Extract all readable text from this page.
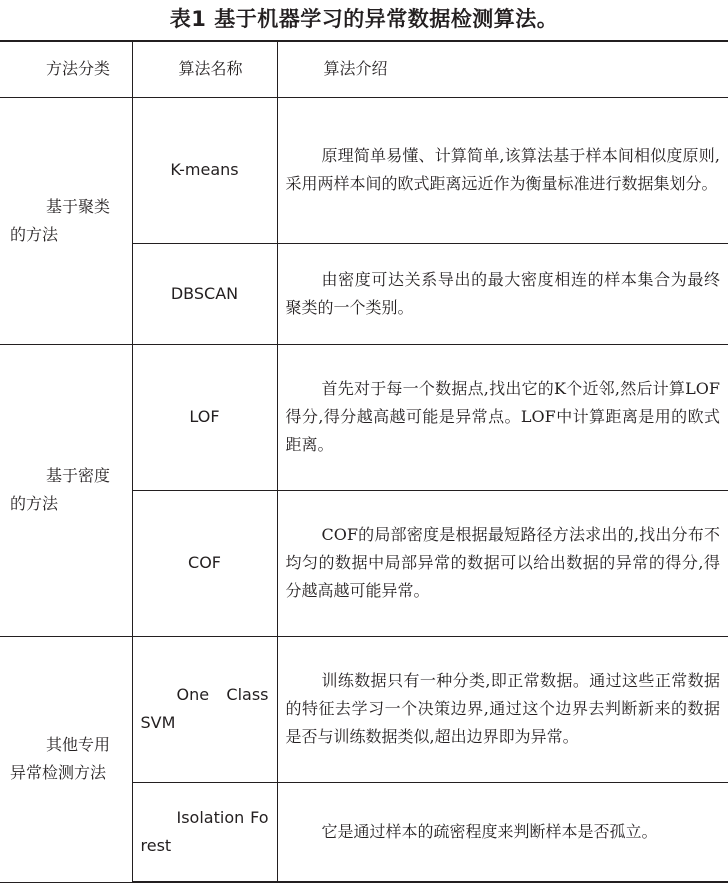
表1 基于机器学习的异常数据检测算法。
方法分类	算法名称	算法介绍

基于聚类的方法	K-means	原理简单易懂、计算简单,该算法基于样本间相似度原则,采用两样本间的欧式距离远近作为衡量标准进行数据集划分。
	DBSCAN	由密度可达关系导出的最大密度相连的样本集合为最终聚类的一个类别。

基于密度的方法	LOF	首先对于每一个数据点,找出它的K个近邻,然后计算LOF得分,得分越高越可能是异常点。LOF中计算距离是用的欧式距离。
	COF	COF的局部密度是根据最短路径方法求出的,找出分布不均匀的数据中局部异常的数据可以给出数据的异常的得分,得分越高越可能异常。

其他专用异常检测方法	One Class SVM	训练数据只有一种分类,即正常数据。通过这些正常数据的特征去学习一个决策边界,通过这个边界去判断新来的数据是否与训练数据类似,超出边界即为异常。
	Isolation Forest	它是通过样本的疏密程度来判断样本是否孤立。
